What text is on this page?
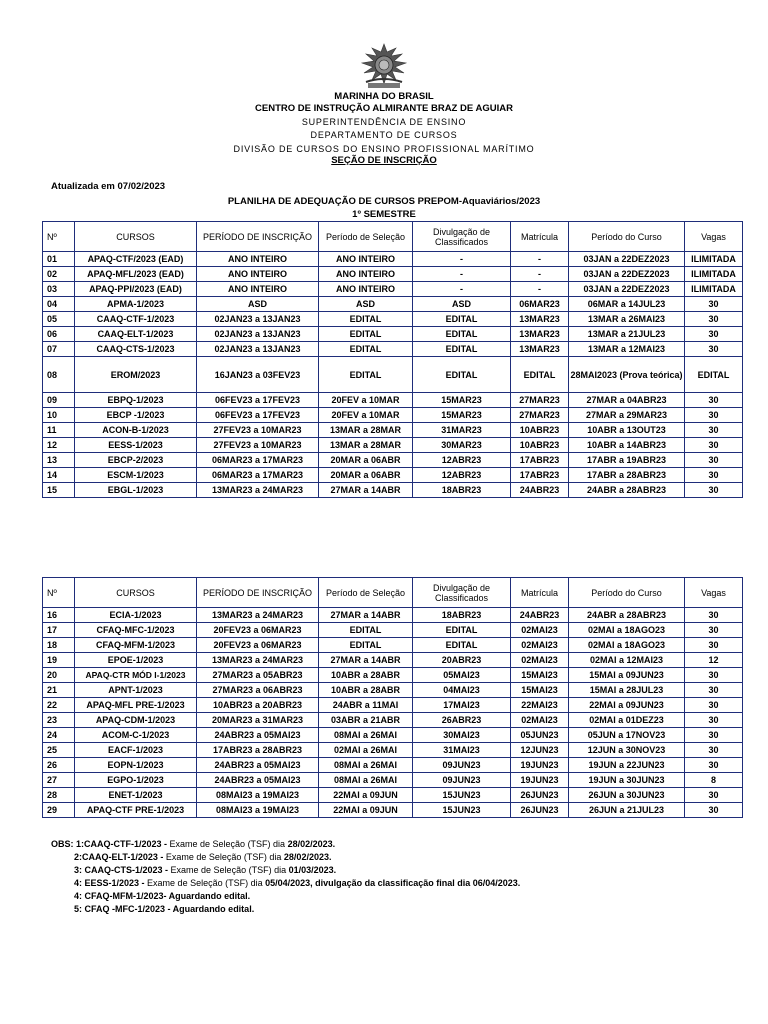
MARINHA DO BRASIL
CENTRO DE INSTRUÇÃO ALMIRANTE BRAZ DE AGUIAR
SUPERINTENDÊNCIA DE ENSINO
DEPARTAMENTO DE CURSOS
DIVISÃO DE CURSOS DO ENSINO PROFISSIONAL MARÍTIMO
SEÇÃO DE INSCRIÇÃO
Atualizada em 07/02/2023
PLANILHA DE ADEQUAÇÃO DE CURSOS PREPOM-Aquaviários/2023
1º SEMESTRE
Nº	CURSOS	PERÍODO DE INSCRIÇÃO	Período de Seleção	Divulgação de Classificados	Matrícula	Período do Curso	Vagas
01	APAQ-CTF/2023 (EAD)	ANO INTEIRO	ANO INTEIRO	-	-	03JAN a 22DEZ2023	ILIMITADA
02	APAQ-MFL/2023 (EAD)	ANO INTEIRO	ANO INTEIRO	-	-	03JAN a 22DEZ2023	ILIMITADA
03	APAQ-PPI/2023 (EAD)	ANO INTEIRO	ANO INTEIRO	-	-	03JAN a 22DEZ2023	ILIMITADA
04	APMA-1/2023	ASD	ASD	ASD	06MAR23	06MAR a 14JUL23	30
05	CAAQ-CTF-1/2023	02JAN23 a 13JAN23	EDITAL	EDITAL	13MAR23	13MAR a 26MAI23	30
06	CAAQ-ELT-1/2023	02JAN23 a 13JAN23	EDITAL	EDITAL	13MAR23	13MAR a 21JUL23	30
07	CAAQ-CTS-1/2023	02JAN23 a 13JAN23	EDITAL	EDITAL	13MAR23	13MAR a 12MAI23	30
08	EROM/2023	16JAN23 a 03FEV23	EDITAL	EDITAL	EDITAL	28MAI2023 (Prova teórica)	EDITAL
09	EBPQ-1/2023	06FEV23 a 17FEV23	20FEV a 10MAR	15MAR23	27MAR23	27MAR a 04ABR23	30
10	EBCP -1/2023	06FEV23 a 17FEV23	20FEV a 10MAR	15MAR23	27MAR23	27MAR a 29MAR23	30
11	ACON-B-1/2023	27FEV23 a 10MAR23	13MAR a 28MAR	31MAR23	10ABR23	10ABR a 13OUT23	30
12	EESS-1/2023	27FEV23 a 10MAR23	13MAR a 28MAR	30MAR23	10ABR23	10ABR a 14ABR23	30
13	EBCP-2/2023	06MAR23 a 17MAR23	20MAR a 06ABR	12ABR23	17ABR23	17ABR a 19ABR23	30
14	ESCM-1/2023	06MAR23 a 17MAR23	20MAR a 06ABR	12ABR23	17ABR23	17ABR a 28ABR23	30
15	EBGL-1/2023	13MAR23 a 24MAR23	27MAR a 14ABR	18ABR23	24ABR23	24ABR a 28ABR23	30
Nº	CURSOS	PERÍODO DE INSCRIÇÃO	Período de Seleção	Divulgação de Classificados	Matrícula	Período do Curso	Vagas
16	ECIA-1/2023	13MAR23 a 24MAR23	27MAR a 14ABR	18ABR23	24ABR23	24ABR a 28ABR23	30
17	CFAQ-MFC-1/2023	20FEV23 a 06MAR23	EDITAL	EDITAL	02MAI23	02MAI a 18AGO23	30
18	CFAQ-MFM-1/2023	20FEV23 a 06MAR23	EDITAL	EDITAL	02MAI23	02MAI a 18AGO23	30
19	EPOE-1/2023	13MAR23 a 24MAR23	27MAR a 14ABR	20ABR23	02MAI23	02MAI a 12MAI23	12
20	APAQ-CTR MÓD I-1/2023	27MAR23 a 05ABR23	10ABR a 28ABR	05MAI23	15MAI23	15MAI a 09JUN23	30
21	APNT-1/2023	27MAR23 a 06ABR23	10ABR a 28ABR	04MAI23	15MAI23	15MAI a 28JUL23	30
22	APAQ-MFL PRE-1/2023	10ABR23 a 20ABR23	24ABR a 11MAI	17MAI23	22MAI23	22MAI a 09JUN23	30
23	APAQ-CDM-1/2023	20MAR23 a 31MAR23	03ABR a 21ABR	26ABR23	02MAI23	02MAI a 01DEZ23	30
24	ACOM-C-1/2023	24ABR23 a 05MAI23	08MAI a 26MAI	30MAI23	05JUN23	05JUN a 17NOV23	30
25	EACF-1/2023	17ABR23 a 28ABR23	02MAI a 26MAI	31MAI23	12JUN23	12JUN a 30NOV23	30
26	EOPN-1/2023	24ABR23 a 05MAI23	08MAI a 26MAI	09JUN23	19JUN23	19JUN a 22JUN23	30
27	EGPO-1/2023	24ABR23 a 05MAI23	08MAI a 26MAI	09JUN23	19JUN23	19JUN a 30JUN23	8
28	ENET-1/2023	08MAI23 a 19MAI23	22MAI a 09JUN	15JUN23	26JUN23	26JUN a 30JUN23	30
29	APAQ-CTF PRE-1/2023	08MAI23 a 19MAI23	22MAI a 09JUN	15JUN23	26JUN23	26JUN a 21JUL23	30
OBS: 1:CAAQ-CTF-1/2023 - Exame de Seleção (TSF) dia 28/02/2023.
2:CAAQ-ELT-1/2023 - Exame de Seleção (TSF) dia 28/02/2023.
3: CAAQ-CTS-1/2023 - Exame de Seleção (TSF) dia 01/03/2023.
4: EESS-1/2023 - Exame de Seleção (TSF) dia 05/04/2023, divulgação da classificação final dia 06/04/2023.
4: CFAQ-MFM-1/2023- Aguardando edital.
5: CFAQ -MFC-1/2023 - Aguardando edital.
